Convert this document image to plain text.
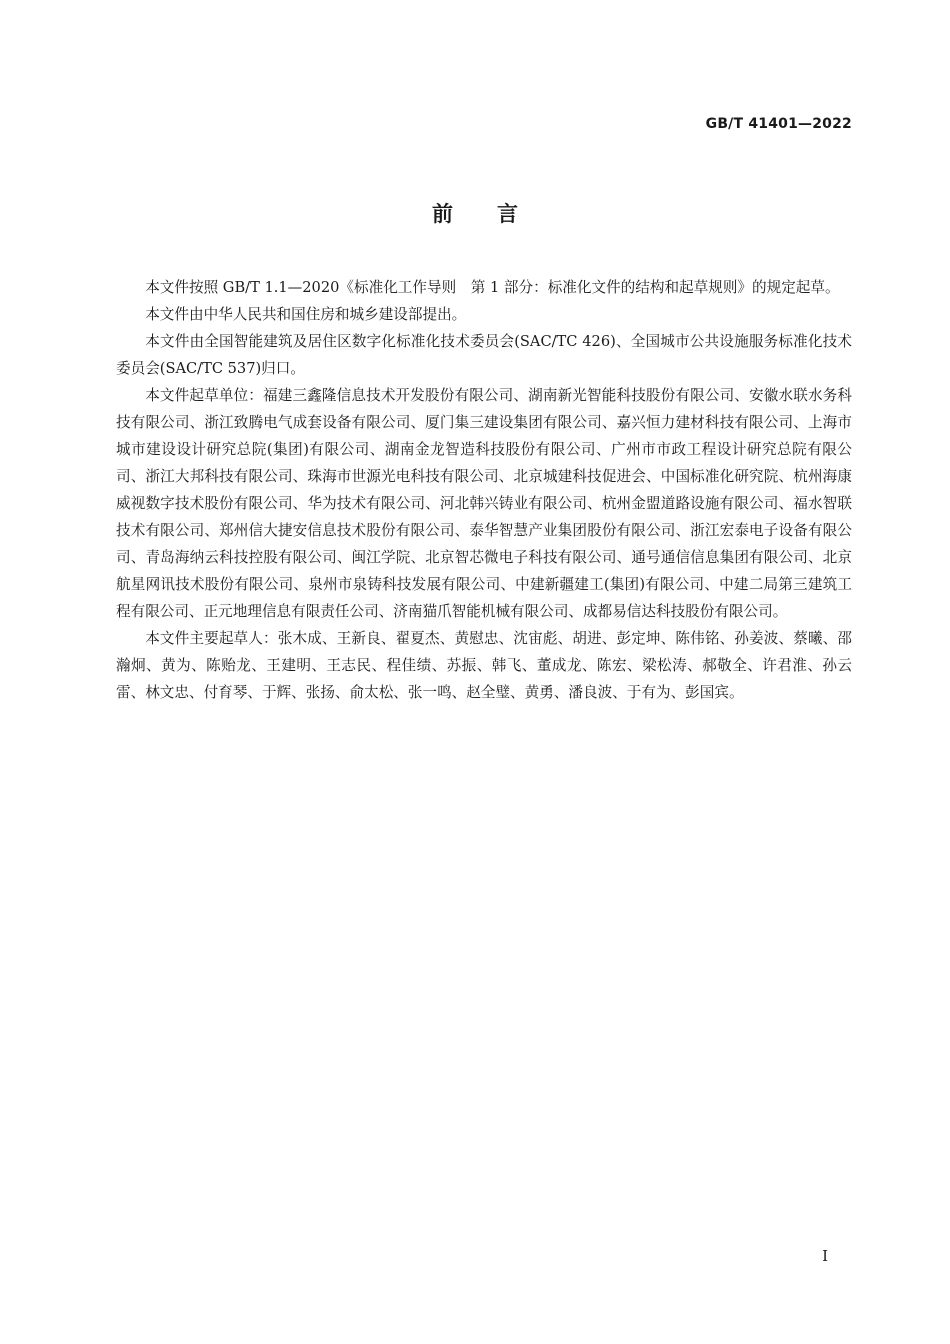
GB/T 41401—2022
前言

本文件按照 GB/T 1.1—2020《标准化工作导则　第 1 部分：标准化文件的结构和起草规则》的规定起草。

本文件由中华人民共和国住房和城乡建设部提出。

本文件由全国智能建筑及居住区数字化标准化技术委员会(SAC/TC 426)、全国城市公共设施服务标准化技术委员会(SAC/TC 537)归口。

本文件起草单位：福建三鑫隆信息技术开发股份有限公司、湖南新光智能科技股份有限公司、安徽水联水务科技有限公司、浙江致腾电气成套设备有限公司、厦门集三建设集团有限公司、嘉兴恒力建材科技有限公司、上海市城市建设设计研究总院(集团)有限公司、湖南金龙智造科技股份有限公司、广州市市政工程设计研究总院有限公司、浙江大邦科技有限公司、珠海市世源光电科技有限公司、北京城建科技促进会、中国标准化研究院、杭州海康威视数字技术股份有限公司、华为技术有限公司、河北韩兴铸业有限公司、杭州金盟道路设施有限公司、福水智联技术有限公司、郑州信大捷安信息技术股份有限公司、泰华智慧产业集团股份有限公司、浙江宏泰电子设备有限公司、青岛海纳云科技控股有限公司、闽江学院、北京智芯微电子科技有限公司、通号通信信息集团有限公司、北京航星网讯技术股份有限公司、泉州市泉铸科技发展有限公司、中建新疆建工(集团)有限公司、中建二局第三建筑工程有限公司、正元地理信息有限责任公司、济南猫爪智能机械有限公司、成都易信达科技股份有限公司。

本文件主要起草人：张木成、王新良、翟夏杰、黄慰忠、沈宙彪、胡进、彭定坤、陈伟铭、孙姜波、蔡曦、邵瀚炯、黄为、陈贻龙、王建明、王志民、程佳绩、苏振、韩飞、董成龙、陈宏、梁松涛、郝敬全、许君淮、孙云雷、林文忠、付育琴、于辉、张扬、俞太松、张一鸣、赵全璧、黄勇、潘良波、于有为、彭国宾。

I
